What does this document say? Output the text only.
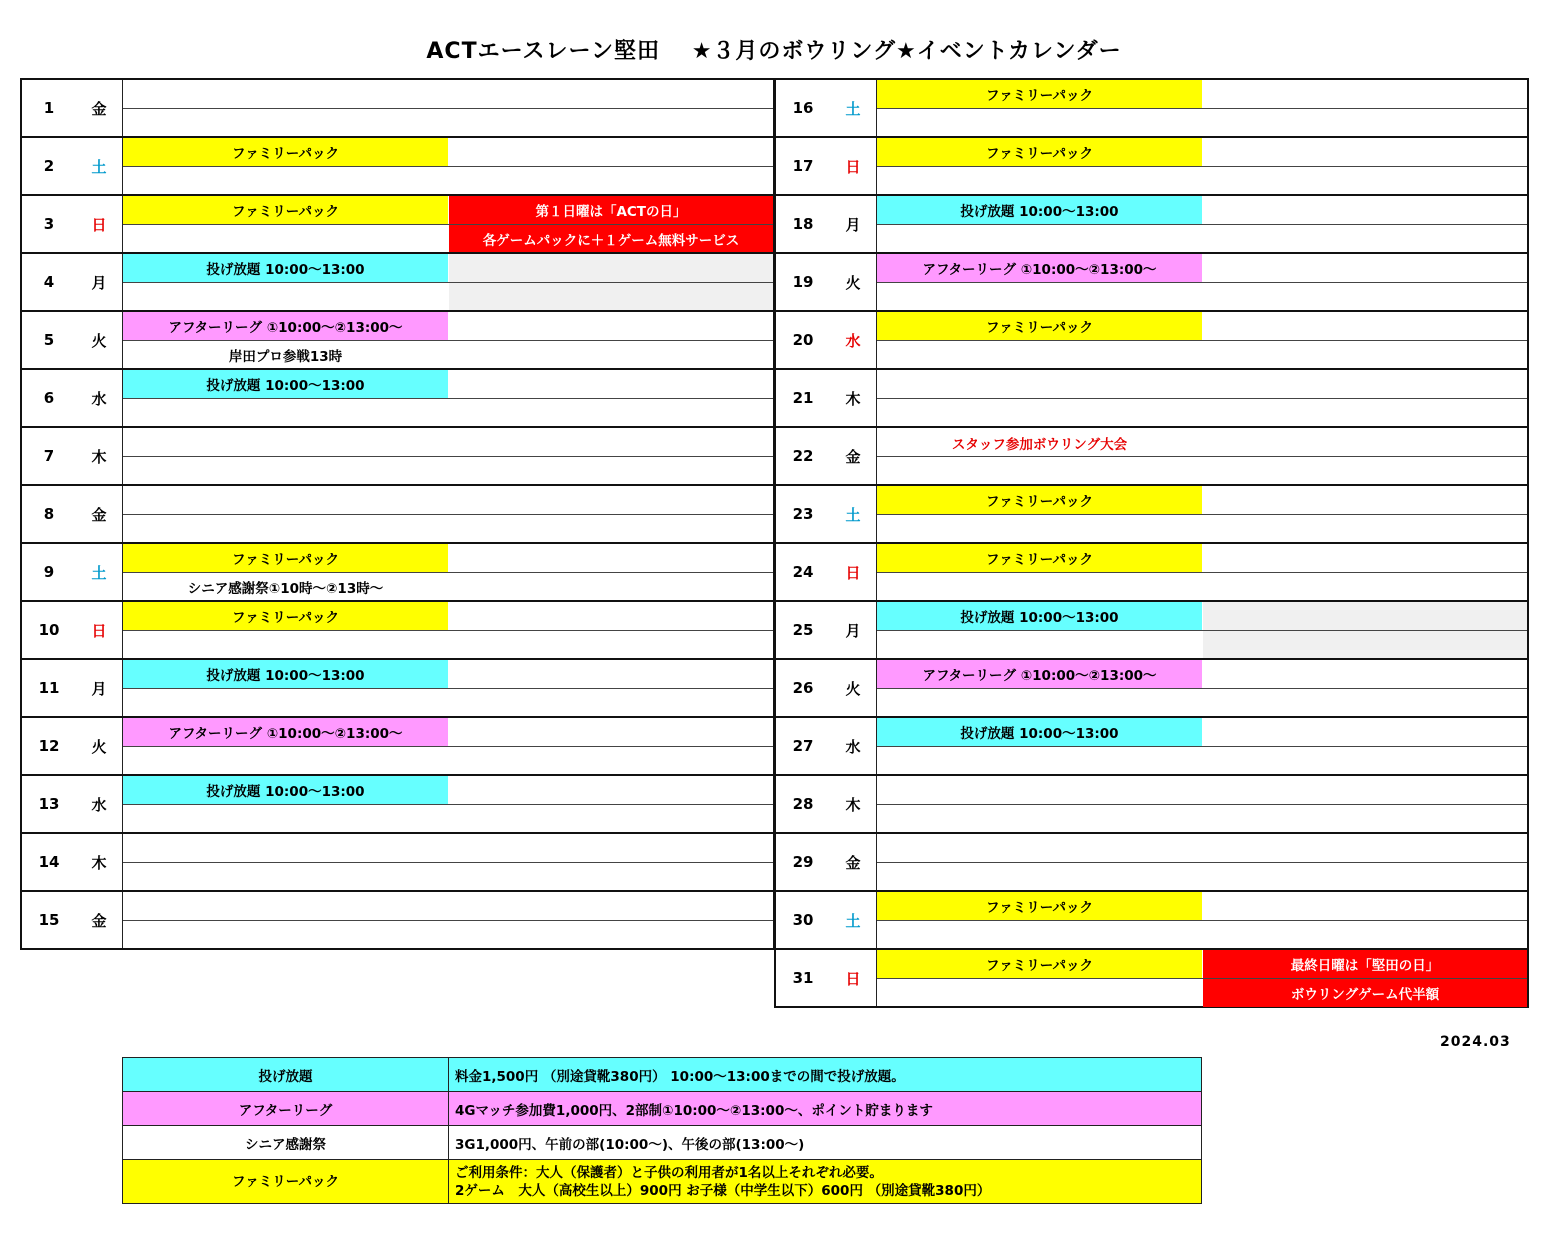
ACTエースレーン堅田　 ★３月のボウリング★イベントカレンダー
1	金
2	土
ファミリーパック
3	日
ファミリーパック	第１日曜は「ACTの日」
各ゲームパックに＋１ゲーム無料サービス
4	月
投げ放題 10:00～13:00
5	火
アフターリーグ ①10:00～②13:00～
岸田プロ参戦13時
6	水
投げ放題 10:00～13:00
7	木
8	金
9	土
ファミリーパック
シニア感謝祭①10時～②13時～
10	日
ファミリーパック
11	月
投げ放題 10:00～13:00
12	火
アフターリーグ ①10:00～②13:00～
13	水
投げ放題 10:00～13:00
14	木
15	金
16	土
ファミリーパック
17	日
ファミリーパック
18	月
投げ放題 10:00～13:00
19	火
アフターリーグ ①10:00～②13:00～
20	水
ファミリーパック
21	木
22	金
スタッフ参加ボウリング大会
23	土
ファミリーパック
24	日
ファミリーパック
25	月
投げ放題 10:00～13:00
26	火
アフターリーグ ①10:00～②13:00～
27	水
投げ放題 10:00～13:00
28	木
29	金
30	土
ファミリーパック
31	日
ファミリーパック	最終日曜は「堅田の日」
ボウリングゲーム代半額
2024.03
投げ放題	料金1,500円 （別途貸靴380円） 10:00～13:00までの間で投げ放題。
アフターリーグ	4Gマッチ参加費1,000円、2部制①10:00～②13:00～、ポイント貯まります
シニア感謝祭	3G1,000円、午前の部(10:00～)、午後の部(13:00～)
ファミリーパック	ご利用条件：大人（保護者）と子供の利用者が1名以上それぞれ必要。
2ゲーム　大人（高校生以上）900円 お子様（中学生以下）600円 （別途貸靴380円）
